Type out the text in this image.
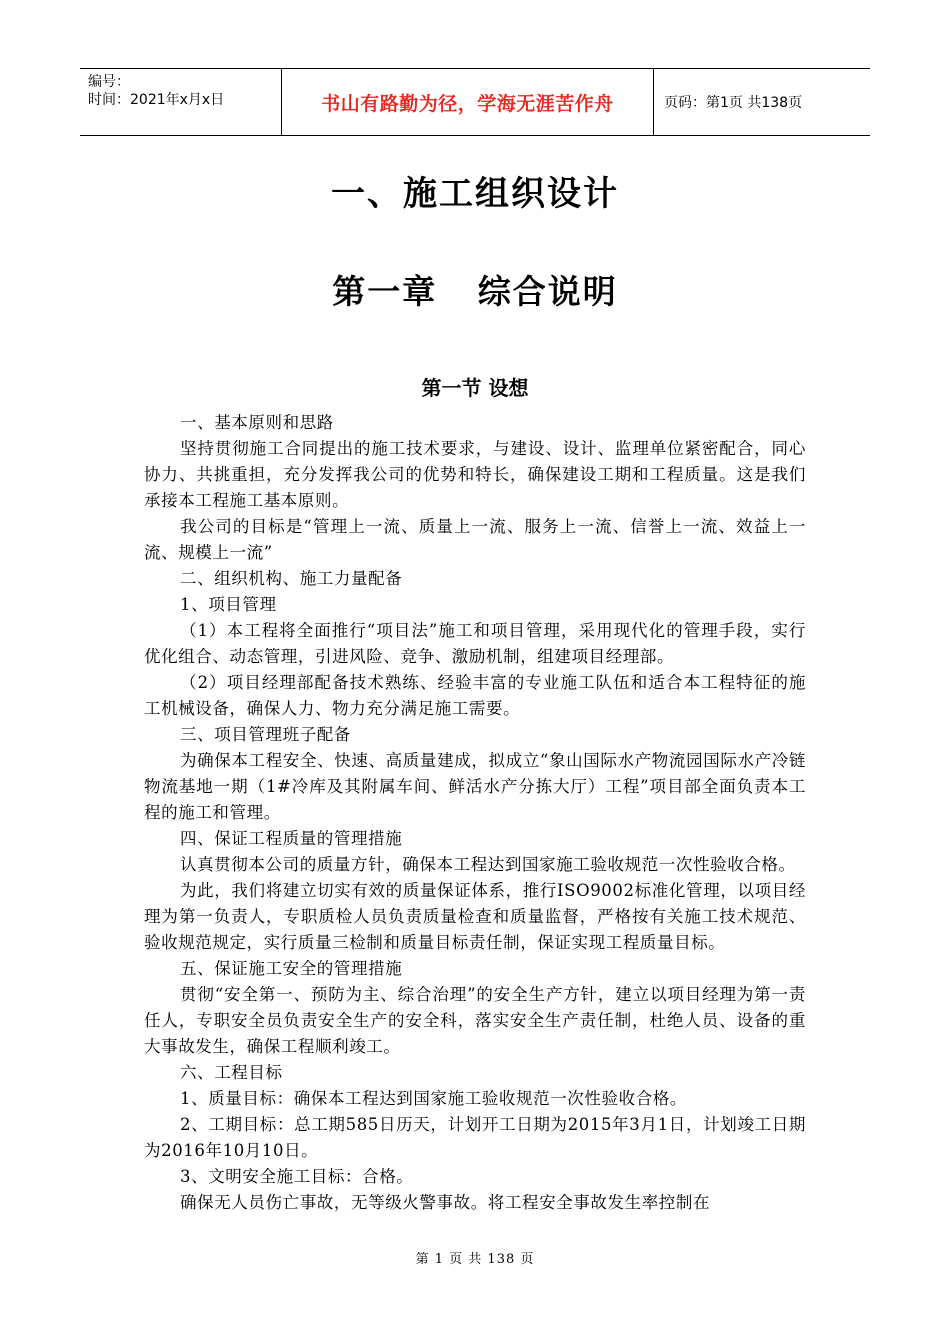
编号：
时间：2021年x月x日	书山有路勤为径，学海无涯苦作舟	页码：第1页 共138页
一、施工组织设计
第一章   综合说明
第一节 设想

一、基本原则和思路

坚持贯彻施工合同提出的施工技术要求，与建设、设计、监理单位紧密配合，同心协力、共挑重担，充分发挥我公司的优势和特长，确保建设工期和工程质量。这是我们承接本工程施工基本原则。

我公司的目标是“管理上一流、质量上一流、服务上一流、信誉上一流、效益上一流、规模上一流”

二、组织机构、施工力量配备

1、项目管理

（1）本工程将全面推行“项目法”施工和项目管理，采用现代化的管理手段，实行优化组合、动态管理，引进风险、竞争、激励机制，组建项目经理部。

（2）项目经理部配备技术熟练、经验丰富的专业施工队伍和适合本工程特征的施工机械设备，确保人力、物力充分满足施工需要。

三、项目管理班子配备

为确保本工程安全、快速、高质量建成，拟成立“象山国际水产物流园国际水产冷链物流基地一期（1#冷库及其附属车间、鲜活水产分拣大厅）工程”项目部全面负责本工程的施工和管理。

四、保证工程质量的管理措施

认真贯彻本公司的质量方针，确保本工程达到国家施工验收规范一次性验收合格。

为此，我们将建立切实有效的质量保证体系，推行ISO9002标准化管理，以项目经理为第一负责人，专职质检人员负责质量检查和质量监督，严格按有关施工技术规范、验收规范规定，实行质量三检制和质量目标责任制，保证实现工程质量目标。

五、保证施工安全的管理措施

贯彻“安全第一、预防为主、综合治理”的安全生产方针，建立以项目经理为第一责任人，专职安全员负责安全生产的安全科，落实安全生产责任制，杜绝人员、设备的重大事故发生，确保工程顺利竣工。

六、工程目标

1、质量目标：确保本工程达到国家施工验收规范一次性验收合格。

2、工期目标：总工期585日历天，计划开工日期为2015年3月1日，计划竣工日期为2016年10月10日。

3、文明安全施工目标：合格。

确保无人员伤亡事故，无等级火警事故。将工程安全事故发生率控制在

第 1 页 共 138 页
